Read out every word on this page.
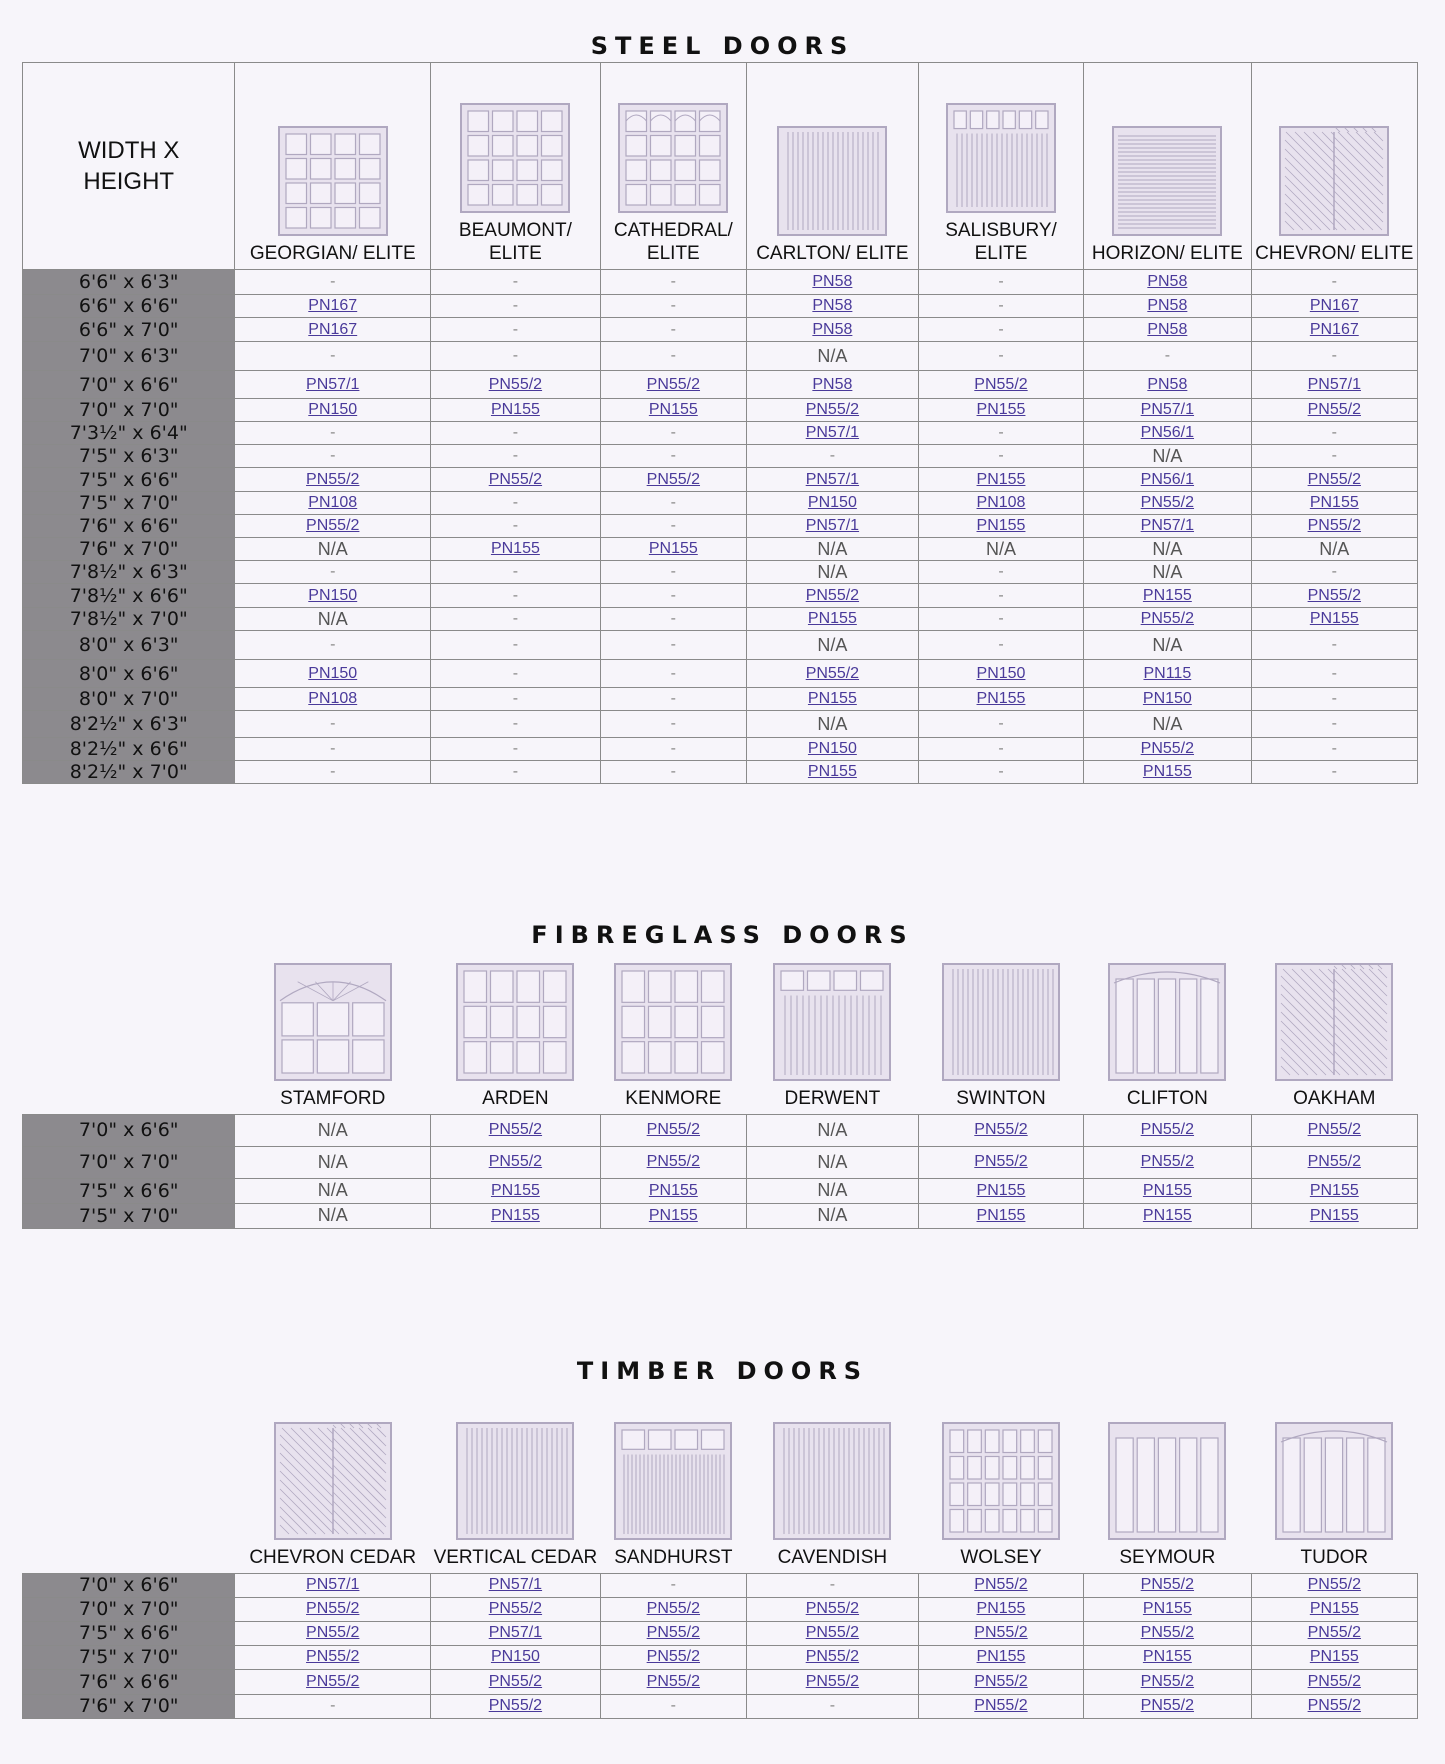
STEEL DOORS
WIDTH X
HEIGHT	GEORGIAN/ ELITE	BEAUMONT/
ELITE	CATHEDRAL/
ELITE	CARLTON/ ELITE	SALISBURY/
ELITE	HORIZON/ ELITE	CHEVRON/ ELITE

6'6" x 6'3"	-	-	-	PN58	-	PN58	-
6'6" x 6'6"	PN167	-	-	PN58	-	PN58	PN167
6'6" x 7'0"	PN167	-	-	PN58	-	PN58	PN167
7'0" x 6'3"	-	-	-	N/A	-	-	-
7'0" x 6'6"	PN57/1	PN55/2	PN55/2	PN58	PN55/2	PN58	PN57/1
7'0" x 7'0"	PN150	PN155	PN155	PN55/2	PN155	PN57/1	PN55/2
7'3½" x 6'4"	-	-	-	PN57/1	-	PN56/1	-
7'5" x 6'3"	-	-	-	-	-	N/A	-
7'5" x 6'6"	PN55/2	PN55/2	PN55/2	PN57/1	PN155	PN56/1	PN55/2
7'5" x 7'0"	PN108	-	-	PN150	PN108	PN55/2	PN155
7'6" x 6'6"	PN55/2	-	-	PN57/1	PN155	PN57/1	PN55/2
7'6" x 7'0"	N/A	PN155	PN155	N/A	N/A	N/A	N/A
7'8½" x 6'3"	-	-	-	N/A	-	N/A	-
7'8½" x 6'6"	PN150	-	-	PN55/2	-	PN155	PN55/2
7'8½" x 7'0"	N/A	-	-	PN155	-	PN55/2	PN155
8'0" x 6'3"	-	-	-	N/A	-	N/A	-
8'0" x 6'6"	PN150	-	-	PN55/2	PN150	PN115	-
8'0" x 7'0"	PN108	-	-	PN155	PN155	PN150	-
8'2½" x 6'3"	-	-	-	N/A	-	N/A	-
8'2½" x 6'6"	-	-	-	PN150	-	PN55/2	-
8'2½" x 7'0"	-	-	-	PN155	-	PN155	-
FIBREGLASS DOORS

	STAMFORD	ARDEN	KENMORE	DERWENT	SWINTON	CLIFTON	OAKHAM

7'0" x 6'6"	N/A	PN55/2	PN55/2	N/A	PN55/2	PN55/2	PN55/2
7'0" x 7'0"	N/A	PN55/2	PN55/2	N/A	PN55/2	PN55/2	PN55/2
7'5" x 6'6"	N/A	PN155	PN155	N/A	PN155	PN155	PN155
7'5" x 7'0"	N/A	PN155	PN155	N/A	PN155	PN155	PN155
TIMBER DOORS

	CHEVRON CEDAR	VERTICAL CEDAR	SANDHURST	CAVENDISH	WOLSEY	SEYMOUR	TUDOR

7'0" x 6'6"	PN57/1	PN57/1	-	-	PN55/2	PN55/2	PN55/2
7'0" x 7'0"	PN55/2	PN55/2	PN55/2	PN55/2	PN155	PN155	PN155
7'5" x 6'6"	PN55/2	PN57/1	PN55/2	PN55/2	PN55/2	PN55/2	PN55/2
7'5" x 7'0"	PN55/2	PN150	PN55/2	PN55/2	PN155	PN155	PN155
7'6" x 6'6"	PN55/2	PN55/2	PN55/2	PN55/2	PN55/2	PN55/2	PN55/2
7'6" x 7'0"	-	PN55/2	-	-	PN55/2	PN55/2	PN55/2
